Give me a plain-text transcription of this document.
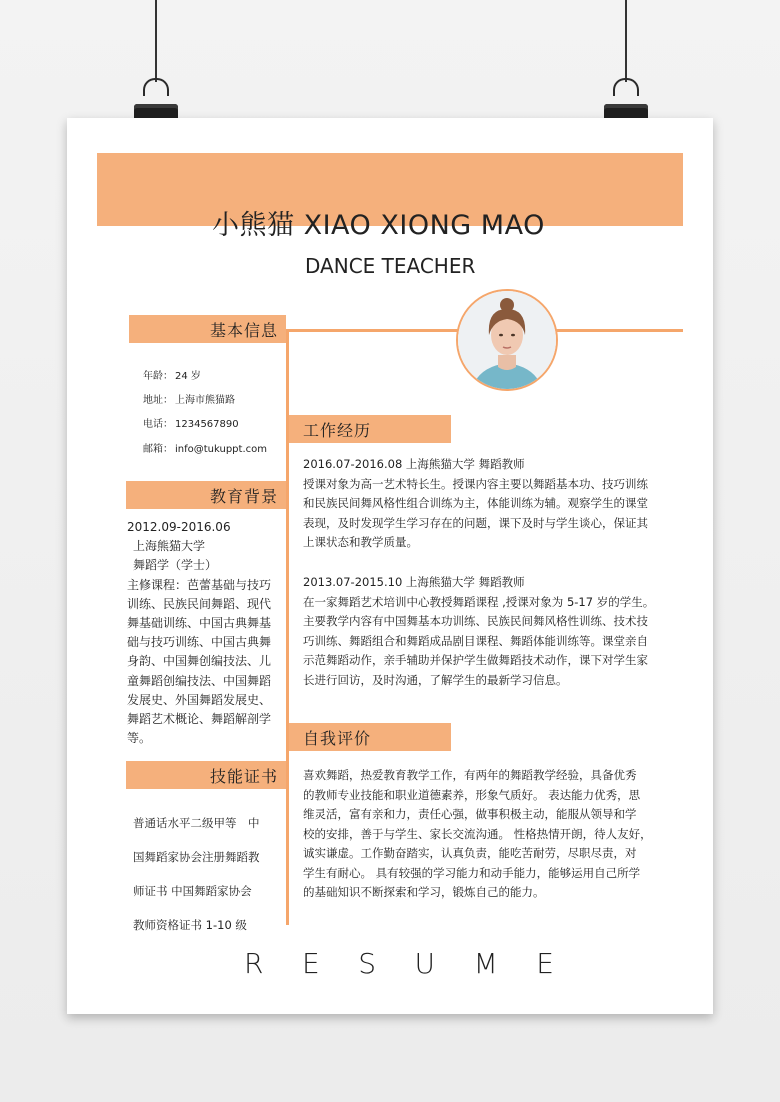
小熊猫 XIAO XIONG MAO
DANCE TEACHER
基本信息
教育背景
技能证书
工作经历
自我评价
年龄： 24 岁
地址： 上海市熊猫路
电话： 1234567890
邮箱： info@tukuppt.com
2012.09-2016.06
上海熊猫大学
舞蹈学（学士）
主修课程：芭蕾基础与技巧
训练、民族民间舞蹈、现代
舞基础训练、中国古典舞基
础与技巧训练、中国古典舞
身韵、中国舞创编技法、儿
童舞蹈创编技法、中国舞蹈
发展史、外国舞蹈发展史、
舞蹈艺术概论、舞蹈解剖学
等。
普通话水平二级甲等　中
国舞蹈家协会注册舞蹈教
师证书 中国舞蹈家协会
教师资格证书 1-10 级
2016.07-2016.08 上海熊猫大学 舞蹈教师
授课对象为高一艺术特长生。授课内容主要以舞蹈基本功、技巧训练
和民族民间舞风格性组合训练为主，体能训练为辅。观察学生的课堂
表现，及时发现学生学习存在的问题，课下及时与学生谈心，保证其
上课状态和教学质量。
2013.07-2015.10 上海熊猫大学 舞蹈教师
在一家舞蹈艺术培训中心教授舞蹈课程 ,授课对象为 5-17 岁的学生。
主要教学内容有中国舞基本功训练、民族民间舞风格性训练、技术技
巧训练、舞蹈组合和舞蹈成品剧目课程、舞蹈体能训练等。课堂亲自
示范舞蹈动作，亲手辅助并保护学生做舞蹈技术动作，课下对学生家
长进行回访，及时沟通，了解学生的最新学习信息。
喜欢舞蹈，热爱教育教学工作，有两年的舞蹈教学经验，具备优秀
的教师专业技能和职业道德素养，形象气质好。 表达能力优秀，思
维灵活，富有亲和力，责任心强，做事积极主动，能服从领导和学
校的安排，善于与学生、家长交流沟通。 性格热情开朗，待人友好，
诚实谦虚。工作勤奋踏实，认真负责，能吃苦耐劳，尽职尽责，对
学生有耐心。 具有较强的学习能力和动手能力，能够运用自己所学
的基础知识不断探索和学习，锻炼自己的能力。
R E S U M E
